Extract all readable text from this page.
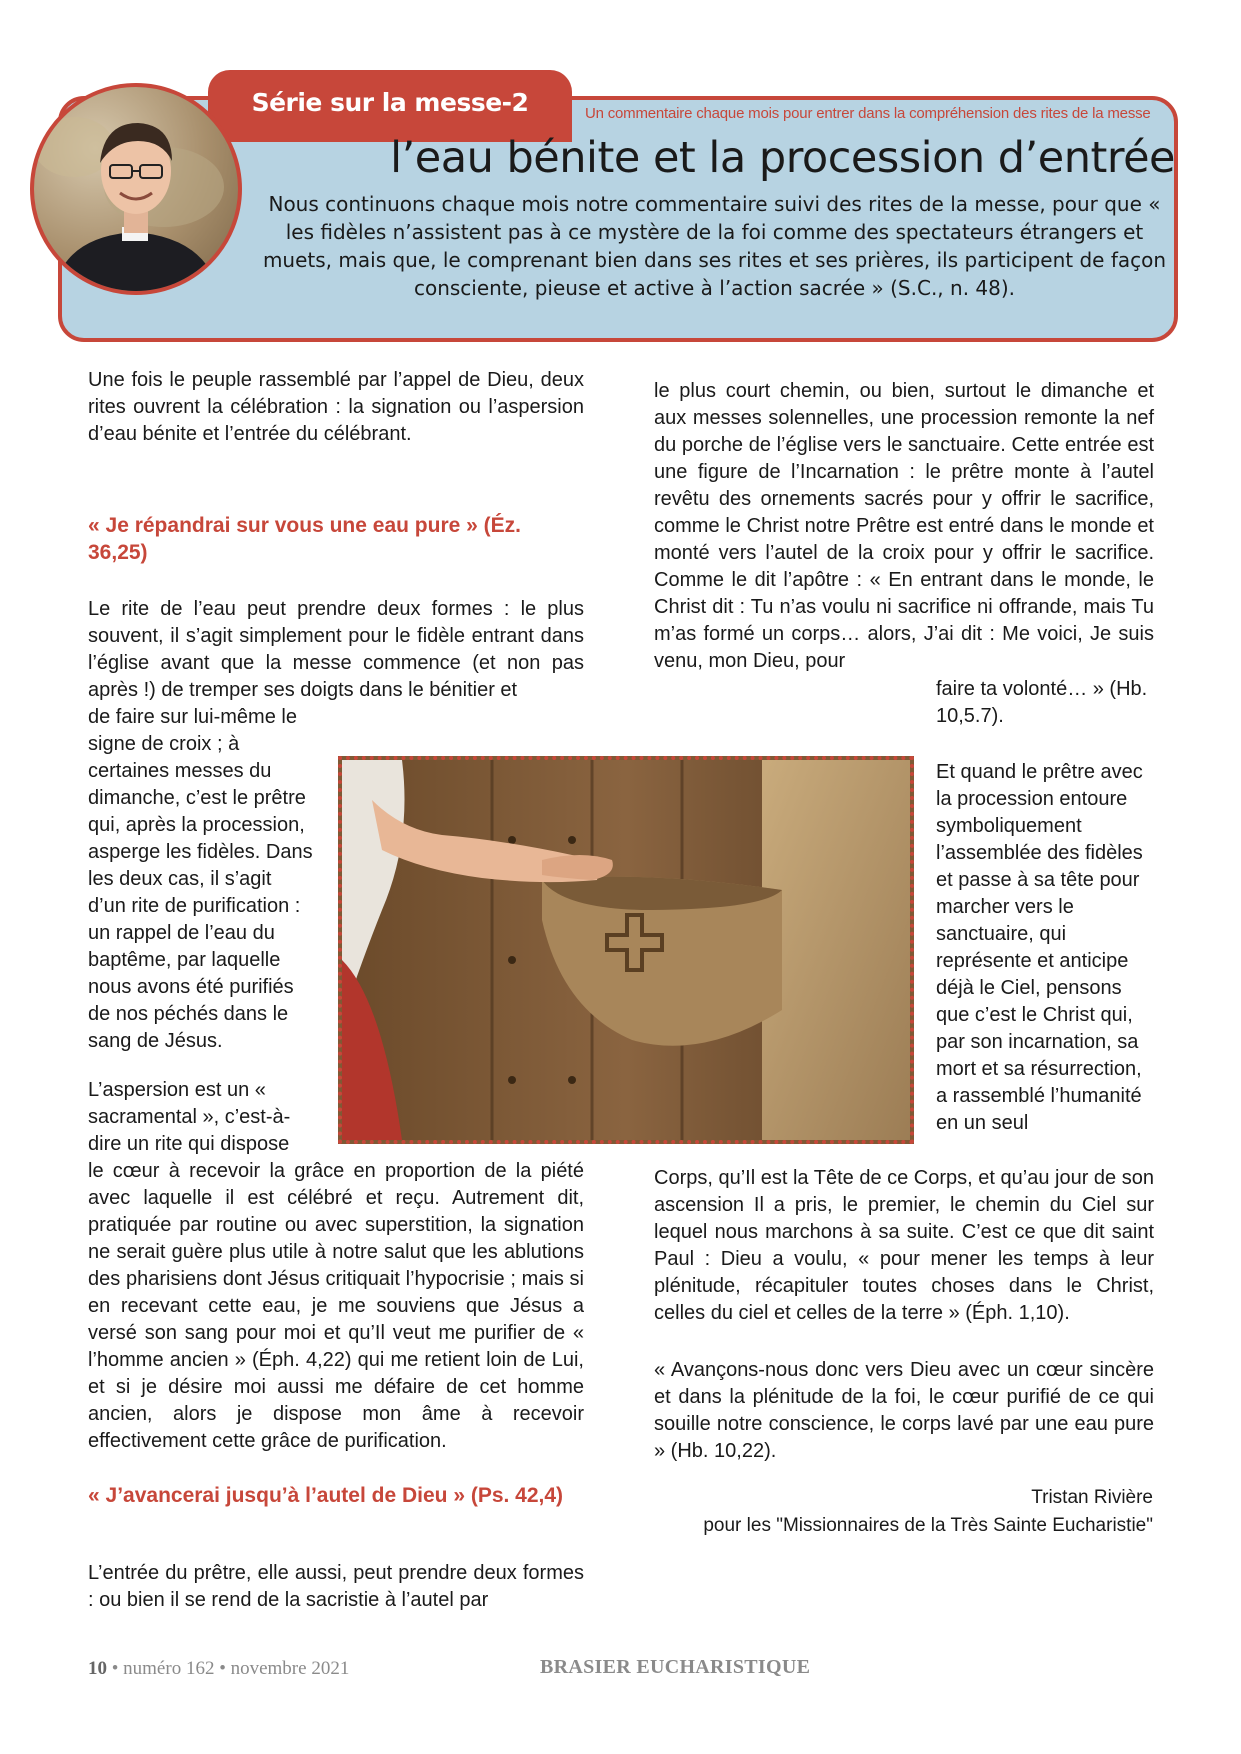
Série sur la messe-2	Un commentaire chaque mois pour entrer dans la compréhension des rites de la messe
l’eau bénite et la procession d’entrée

Nous continuons chaque mois notre commentaire suivi des rites de la messe, pour que « les fidèles n’assistent pas à ce mystère de la foi comme des spectateurs étrangers et muets, mais que, le comprenant bien dans ses rites et ses prières, ils participent de façon consciente, pieuse et active à l’action sacrée » (S.C., n. 48).

Une fois le peuple rassemblé par l’appel de Dieu, deux rites ouvrent la célébration : la signation ou l’aspersion d’eau bénite et l’entrée du célébrant.

« Je répandrai sur vous une eau pure » (Éz. 36,25)

Le rite de l’eau peut prendre deux formes : le plus souvent, il s’agit simplement pour le fidèle entrant dans l’église avant que la messe commence (et non pas après !) de tremper ses doigts dans le bénitier et

de faire sur lui-même le signe de croix ; à certaines messes du dimanche, c’est le prêtre qui, après la procession, asperge les fidèles. Dans les deux cas, il s’agit d’un rite de purification : un rappel de l’eau du baptême, par laquelle nous avons été purifiés de nos péchés dans le sang de Jésus.

L’aspersion est un « sacramental », c’est-à-dire un rite qui dispose

le cœur à recevoir la grâce en proportion de la piété avec laquelle il est célébré et reçu. Autrement dit, pratiquée par routine ou avec superstition, la signation ne serait guère plus utile à notre salut que les ablutions des pharisiens dont Jésus critiquait l’hypocrisie ; mais si en recevant cette eau, je me souviens que Jésus a versé son sang pour moi et qu’Il veut me purifier de « l’homme ancien » (Éph. 4,22) qui me retient loin de Lui, et si je désire moi aussi me défaire de cet homme ancien, alors je dispose mon âme à recevoir effectivement cette grâce de purification.

« J’avancerai jusqu’à l’autel de Dieu » (Ps. 42,4)

L’entrée du prêtre, elle aussi, peut prendre deux formes : ou bien il se rend de la sacristie à l’autel par

le plus court chemin, ou bien, surtout le dimanche et aux messes solennelles, une procession remonte la nef du porche de l’église vers le sanctuaire. Cette entrée est une figure de l’Incarnation : le prêtre monte à l’autel revêtu des ornements sacrés pour y offrir le sacrifice, comme le Christ notre Prêtre est entré dans le monde et monté vers l’autel de la croix pour y offrir le sacrifice. Comme le dit l’apôtre : « En entrant dans le monde, le Christ dit : Tu n’as voulu ni sacrifice ni offrande, mais Tu m’as formé un corps… alors, J’ai dit : Me voici, Je suis venu, mon Dieu, pour

faire ta volonté… » (Hb. 10,5.7).

Et quand le prêtre avec la procession entoure symboliquement l’assemblée des fidèles et passe à sa tête pour marcher vers le sanctuaire, qui représente et anticipe déjà le Ciel, pensons que c’est le Christ qui, par son incarnation, sa mort et sa résurrection, a rassemblé l’humanité en un seul

Corps, qu’Il est la Tête de ce Corps, et qu’au jour de son ascension Il a pris, le premier, le chemin du Ciel sur lequel nous marchons à sa suite. C’est ce que dit saint Paul : Dieu a voulu, « pour mener les temps à leur plénitude, récapituler toutes choses dans le Christ, celles du ciel et celles de la terre » (Éph. 1,10).

« Avançons-nous donc vers Dieu avec un cœur sincère et dans la plénitude de la foi, le cœur purifié de ce qui souille notre conscience, le corps lavé par une eau pure » (Hb. 10,22).

Tristan Rivière
pour les "Missionnaires de la Très Sainte Eucharistie"
10 • numéro 162 • novembre 2021	BRASIER EUCHARISTIQUE
